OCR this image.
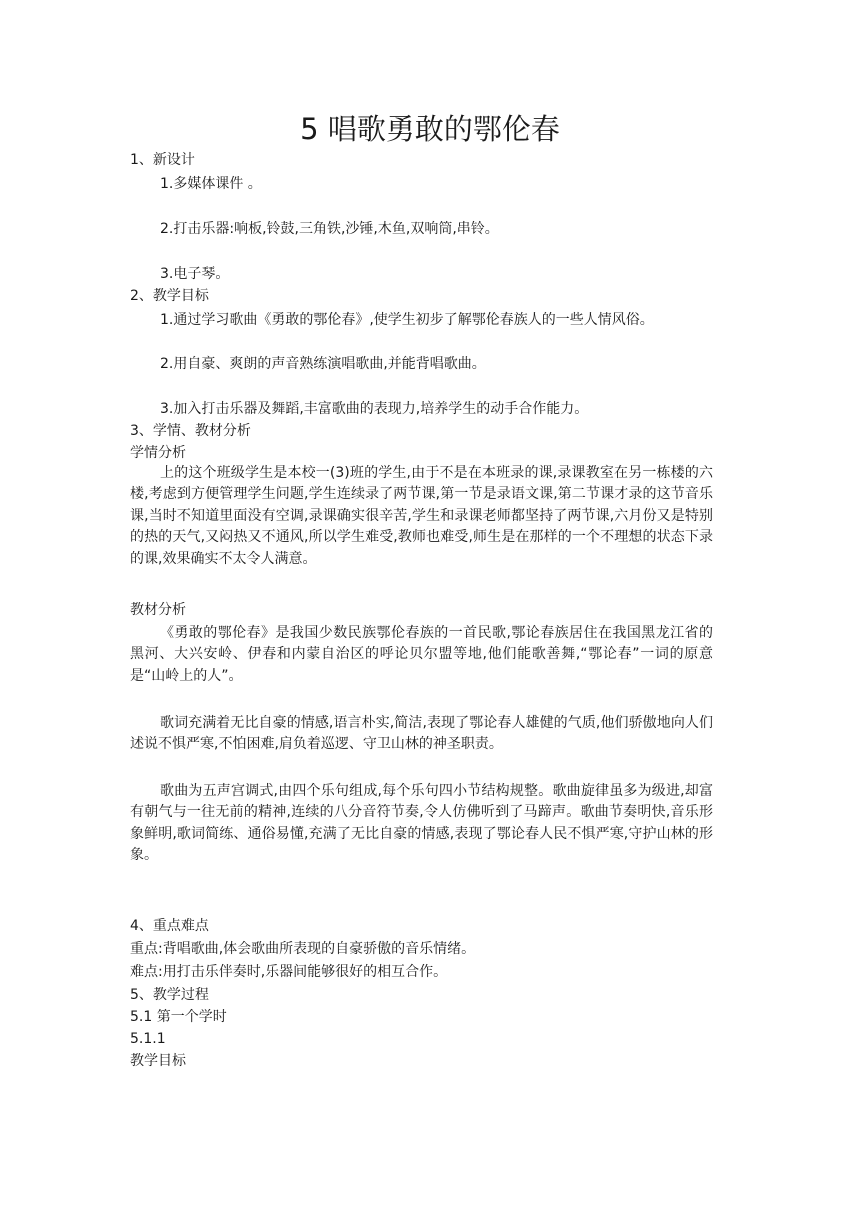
5 唱歌勇敢的鄂伦春
1、新设计
1.多媒体课件 。
2.打击乐器:响板,铃鼓,三角铁,沙锤,木鱼,双响筒,串铃。
3.电子琴。
2、教学目标
1.通过学习歌曲《勇敢的鄂伦春》,使学生初步了解鄂伦春族人的一些人情风俗。
2.用自豪、爽朗的声音熟练演唱歌曲,并能背唱歌曲。
3.加入打击乐器及舞蹈,丰富歌曲的表现力,培养学生的动手合作能力。
3、学情、教材分析
学情分析

上的这个班级学生是本校一(3)班的学生,由于不是在本班录的课,录课教室在另一栋楼的六楼,考虑到方便管理学生问题,学生连续录了两节课,第一节是录语文课,第二节课才录的这节音乐课,当时不知道里面没有空调,录课确实很辛苦,学生和录课老师都坚持了两节课,六月份又是特别的热的天气,又闷热又不通风,所以学生难受,教师也难受,师生是在那样的一个不理想的状态下录的课,效果确实不太令人满意。

教材分析

《勇敢的鄂伦春》是我国少数民族鄂伦春族的一首民歌,鄂论春族居住在我国黑龙江省的 黑河、大兴安岭、伊春和内蒙自治区的呼论贝尔盟等地,他们能歌善舞,“鄂论春”一词的原意是“山岭上的人”。

歌词充满着无比自豪的情感,语言朴实,简洁,表现了鄂论春人雄健的气质,他们骄傲地向人们述说不惧严寒,不怕困难,肩负着巡逻、守卫山林的神圣职责。

歌曲为五声宫调式,由四个乐句组成,每个乐句四小节结构规整。歌曲旋律虽多为级进,却富有朝气与一往无前的精神,连续的八分音符节奏,令人仿佛听到了马蹄声。歌曲节奏明快,音乐形象鲜明,歌词简练、通俗易懂,充满了无比自豪的情感,表现了鄂论春人民不惧严寒,守护山林的形象。

4、重点难点
重点:背唱歌曲,体会歌曲所表现的自豪骄傲的音乐情绪。
难点:用打击乐伴奏时,乐器间能够很好的相互合作。
5、教学过程
5.1 第一个学时
5.1.1
教学目标
